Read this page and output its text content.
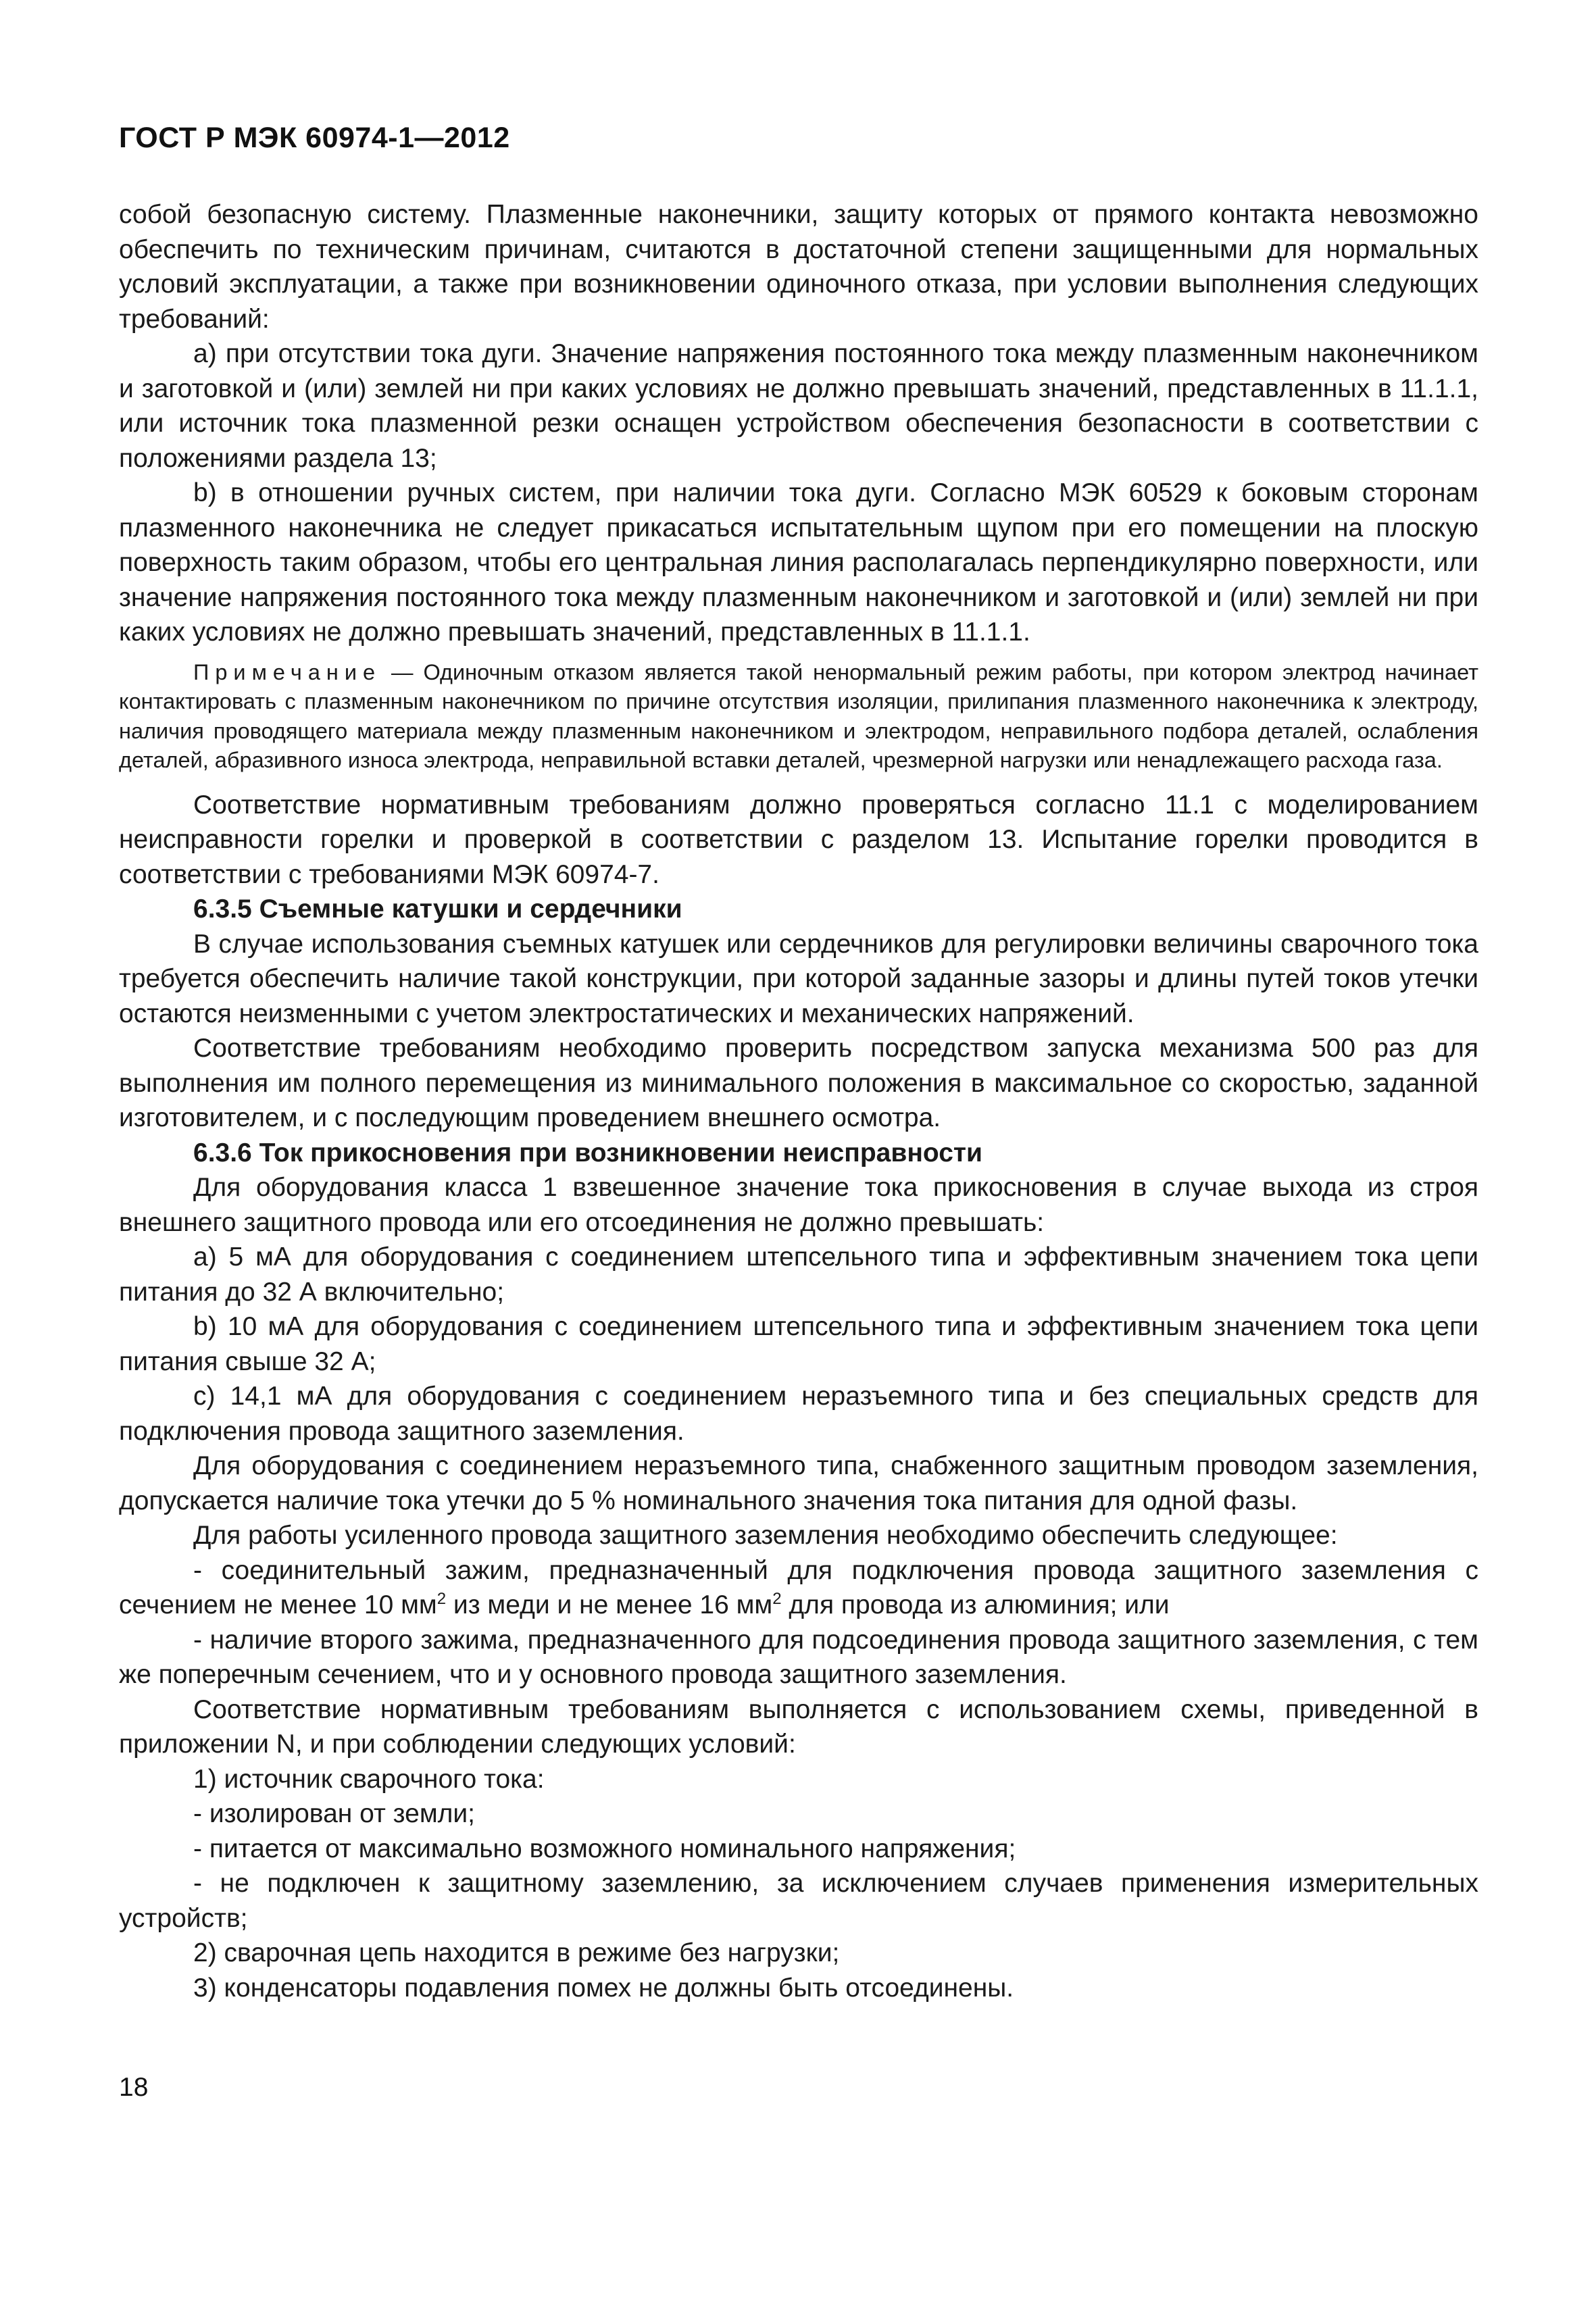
ГОСТ Р МЭК 60974-1—2012

собой безопасную систему. Плазменные наконечники, защиту которых от прямого контакта невозможно обеспечить по техническим причинам, считаются в достаточной степени защищенными для нормальных условий эксплуатации, а также при возникновении одиночного отказа, при условии выполнения следующих требований:

a) при отсутствии тока дуги. Значение напряжения постоянного тока между плазменным наконечником и заготовкой и (или) землей ни при каких условиях не должно превышать значений, представленных в 11.1.1, или источник тока плазменной резки оснащен устройством обеспечения безопасности в соответствии с положениями раздела 13;

b) в отношении ручных систем, при наличии тока дуги. Согласно МЭК 60529 к боковым сторонам плазменного наконечника не следует прикасаться испытательным щупом при его помещении на плоскую поверхность таким образом, чтобы его центральная линия располагалась перпендикулярно поверхности, или значение напряжения постоянного тока между плазменным наконечником и заготовкой и (или) землей ни при каких условиях не должно превышать значений, представленных в 11.1.1.

Примечание — Одиночным отказом является такой ненормальный режим работы, при котором электрод начинает контактировать с плазменным наконечником по причине отсутствия изоляции, прилипания плазменного наконечника к электроду, наличия проводящего материала между плазменным наконечником и электродом, неправильного подбора деталей, ослабления деталей, абразивного износа электрода, неправильной вставки деталей, чрезмерной нагрузки или ненадлежащего расхода газа.

Соответствие нормативным требованиям должно проверяться согласно 11.1 с моделированием неисправности горелки и проверкой в соответствии с разделом 13. Испытание горелки проводится в соответствии с требованиями МЭК 60974-7.

6.3.5 Съемные катушки и сердечники

В случае использования съемных катушек или сердечников для регулировки величины сварочного тока требуется обеспечить наличие такой конструкции, при которой заданные зазоры и длины путей токов утечки остаются неизменными с учетом электростатических и механических напряжений.

Соответствие требованиям необходимо проверить посредством запуска механизма 500 раз для выполнения им полного перемещения из минимального положения в максимальное со скоростью, заданной изготовителем, и с последующим проведением внешнего осмотра.

6.3.6 Ток прикосновения при возникновении неисправности

Для оборудования класса 1 взвешенное значение тока прикосновения в случае выхода из строя внешнего защитного провода или его отсоединения не должно превышать:

a) 5 мА для оборудования с соединением штепсельного типа и эффективным значением тока цепи питания до 32 А включительно;

b) 10 мА для оборудования с соединением штепсельного типа и эффективным значением тока цепи питания свыше 32 А;

c) 14,1 мА для оборудования с соединением неразъемного типа и без специальных средств для подключения провода защитного заземления.

Для оборудования с соединением неразъемного типа, снабженного защитным проводом заземления, допускается наличие тока утечки до 5 % номинального значения тока питания для одной фазы.

Для работы усиленного провода защитного заземления необходимо обеспечить следующее:

- соединительный зажим, предназначенный для подключения провода защитного заземления с сечением не менее 10 $мм^2$ из меди и не менее 16 $мм^2$ для провода из алюминия; или

- наличие второго зажима, предназначенного для подсоединения провода защитного заземления, с тем же поперечным сечением, что и у основного провода защитного заземления.

Соответствие нормативным требованиям выполняется с использованием схемы, приведенной в приложении N, и при соблюдении следующих условий:

1) источник сварочного тока:

- изолирован от земли;

- питается от максимально возможного номинального напряжения;

- не подключен к защитному заземлению, за исключением случаев применения измерительных устройств;

2) сварочная цепь находится в режиме без нагрузки;

3) конденсаторы подавления помех не должны быть отсоединены.

18
